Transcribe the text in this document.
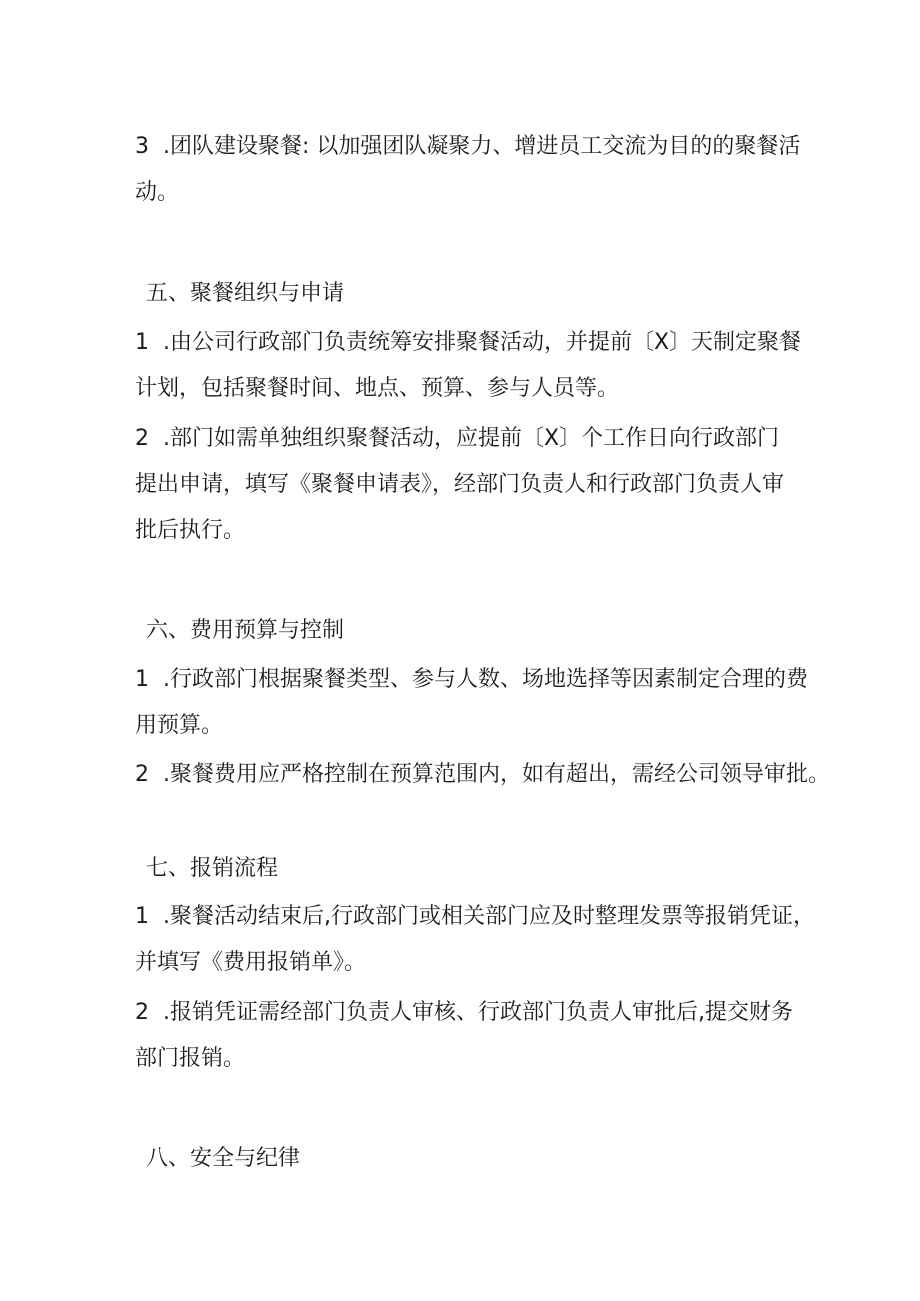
3  .团队建设聚餐: 以加强团队凝聚力、增进员工交流为目的的聚餐活
动。
五、聚餐组织与申请
1  .由公司行政部门负责统筹安排聚餐活动，并提前〔X〕天制定聚餐
计划，包括聚餐时间、地点、预算、参与人员等。
2  .部门如需单独组织聚餐活动，应提前〔X〕个工作日向行政部门
提出申请，填写《聚餐申请表》，经部门负责人和行政部门负责人审
批后执行。
六、费用预算与控制
1  .行政部门根据聚餐类型、参与人数、场地选择等因素制定合理的费
用预算。
2  .聚餐费用应严格控制在预算范围内，如有超出，需经公司领导审批。
七、报销流程
1  .聚餐活动结束后,行政部门或相关部门应及时整理发票等报销凭证，
并填写《费用报销单》。
2  .报销凭证需经部门负责人审核、行政部门负责人审批后,提交财务
部门报销。
八、安全与纪律
